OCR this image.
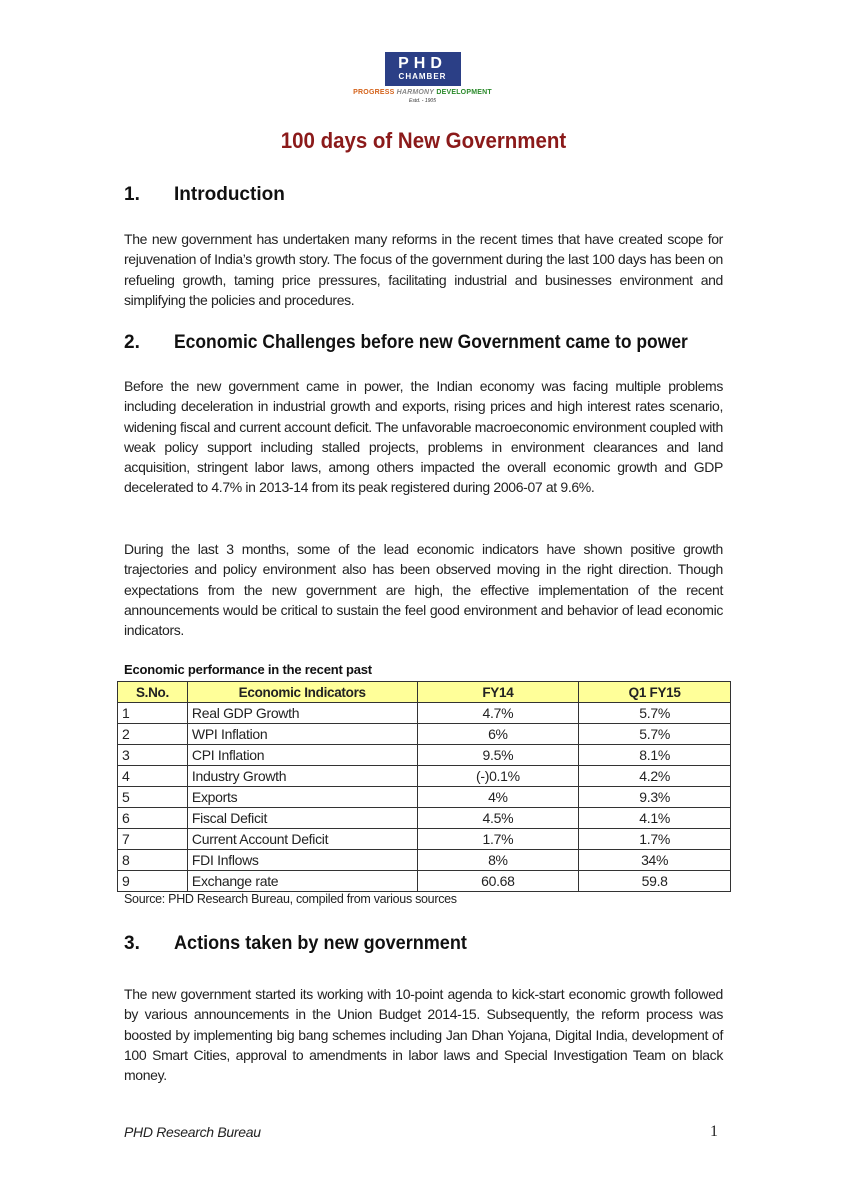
PHD
CHAMBER
PROGRESS HARMONY DEVELOPMENT
Estd. - 1905
100 days of New Government
1. Introduction
The new government has undertaken many reforms in the recent times that have created scope for rejuvenation of India’s growth story. The focus of the government during the last 100 days has been on refueling growth, taming price pressures, facilitating industrial and businesses environment and simplifying the policies and procedures.
2. Economic Challenges before new Government came to power
Before the new government came in power, the Indian economy was facing multiple problems including deceleration in industrial growth and exports, rising prices and high interest rates scenario, widening fiscal and current account deficit. The unfavorable macroeconomic environment coupled with weak policy support including stalled projects, problems in environment clearances and land acquisition, stringent labor laws, among others impacted the overall economic growth and GDP decelerated to 4.7% in 2013-14 from its peak registered during 2006-07 at 9.6%.
During the last 3 months, some of the lead economic indicators have shown positive growth trajectories and policy environment also has been observed moving in the right direction. Though expectations from the new government are high, the effective implementation of the recent announcements would be critical to sustain the feel good environment and behavior of lead economic indicators.
Economic performance in the recent past
S.No.	Economic Indicators	FY14	Q1 FY15
1	Real GDP Growth	4.7%	5.7%
2	WPI Inflation	6%	5.7%
3	CPI Inflation	9.5%	8.1%
4	Industry Growth	(-)0.1%	4.2%
5	Exports	4%	9.3%
6	Fiscal Deficit	4.5%	4.1%
7	Current Account Deficit	1.7%	1.7%
8	FDI Inflows	8%	34%
9	Exchange rate	60.68	59.8
Source: PHD Research Bureau, compiled from various sources
3. Actions taken by new government
The new government started its working with 10-point agenda to kick-start economic growth followed by various announcements in the Union Budget 2014-15. Subsequently, the reform process was boosted by implementing big bang schemes including Jan Dhan Yojana, Digital India, development of 100 Smart Cities, approval to amendments in labor laws and Special Investigation Team on black money.
PHD Research Bureau	1
